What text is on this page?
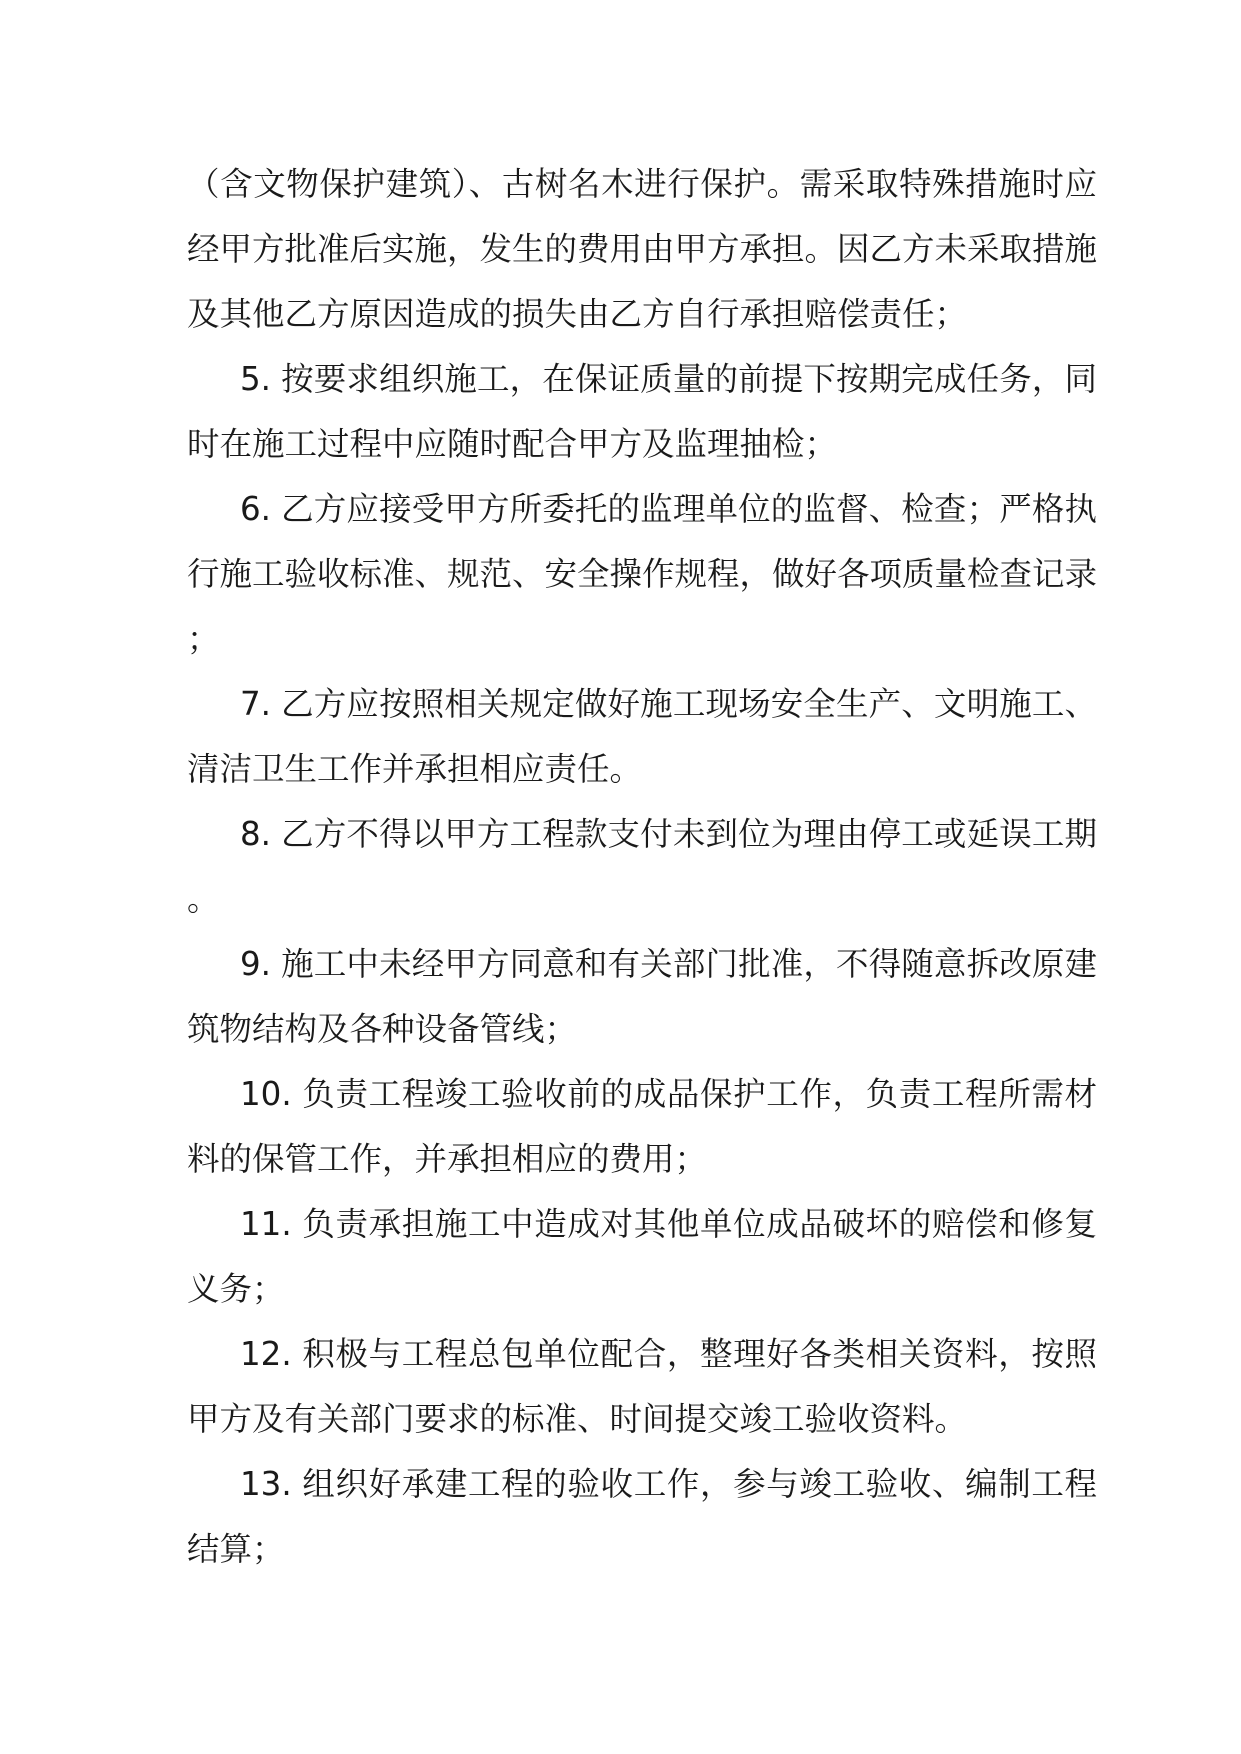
（含文物保护建筑）、古树名木进行保护。需采取特殊措施时应经甲方批准后实施，发生的费用由甲方承担。因乙方未采取措施及其他乙方原因造成的损失由乙方自行承担赔偿责任；

5. 按要求组织施工，在保证质量的前提下按期完成任务，同时在施工过程中应随时配合甲方及监理抽检；

6. 乙方应接受甲方所委托的监理单位的监督、检查；严格执行施工验收标准、规范、安全操作规程，做好各项质量检查记录；

7. 乙方应按照相关规定做好施工现场安全生产、文明施工、清洁卫生工作并承担相应责任。

8. 乙方不得以甲方工程款支付未到位为理由停工或延误工期。

9. 施工中未经甲方同意和有关部门批准，不得随意拆改原建筑物结构及各种设备管线；

10. 负责工程竣工验收前的成品保护工作，负责工程所需材料的保管工作，并承担相应的费用；

11. 负责承担施工中造成对其他单位成品破坏的赔偿和修复义务；

12. 积极与工程总包单位配合，整理好各类相关资料，按照甲方及有关部门要求的标准、时间提交竣工验收资料。

13. 组织好承建工程的验收工作，参与竣工验收、编制工程结算；
